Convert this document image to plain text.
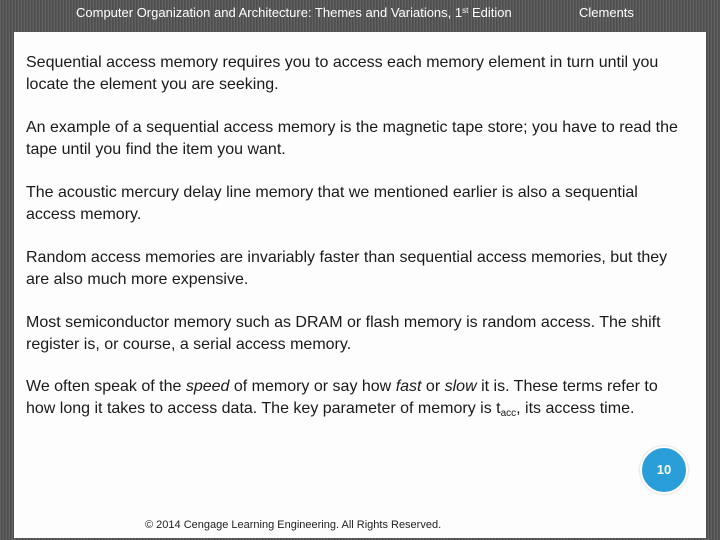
Computer Organization and Architecture: Themes and Variations, 1st Edition	Clements

Sequential access memory requires you to access each memory element in turn until you locate the element you are seeking.

An example of a sequential access memory is the magnetic tape store; you have to read the tape until you find the item you want.

The acoustic mercury delay line memory that we mentioned earlier is also a sequential access memory.

Random access memories are invariably faster than sequential access memories, but they are also much more expensive.

Most semiconductor memory such as DRAM or flash memory is random access. The shift register is, or course, a serial access memory.

We often speak of the speed of memory or say how fast or slow it is. These terms refer to how long it takes to access data. The key parameter of memory is $t_{acc}$, its access time.

10
© 2014 Cengage Learning Engineering. All Rights Reserved.
